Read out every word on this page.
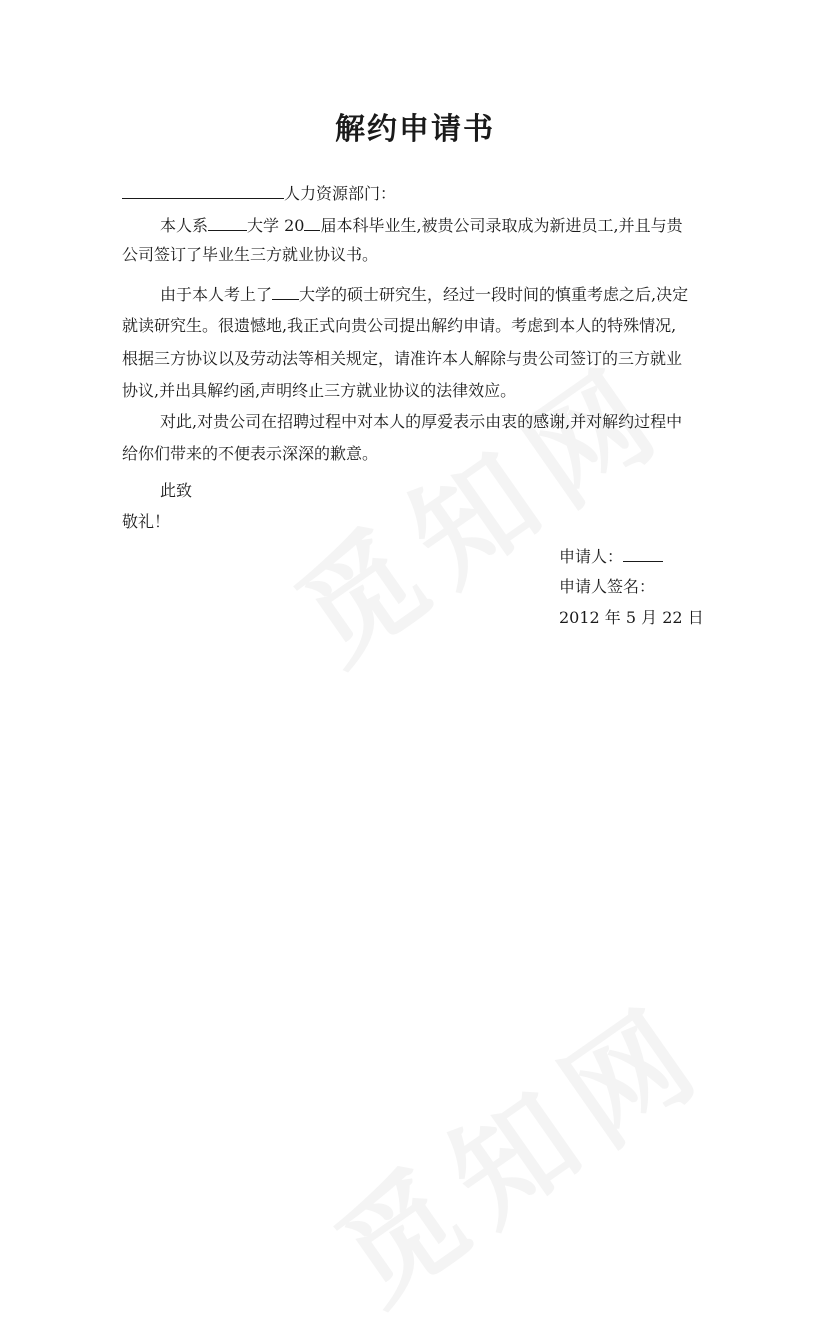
解约申请书
人力资源部门：
本人系 大学 20 届本科毕业生,被贵公司录取成为新进员工,并且与贵
公司签订了毕业生三方就业协议书。
由于本人考上了 大学的硕士研究生，经过一段时间的慎重考虑之后,决定
就读研究生。很遗憾地,我正式向贵公司提出解约申请。考虑到本人的特殊情况,
根据三方协议以及劳动法等相关规定，请准许本人解除与贵公司签订的三方就业
协议,并出具解约函,声明终止三方就业协议的法律效应。
对此,对贵公司在招聘过程中对本人的厚爱表示由衷的感谢,并对解约过程中
给你们带来的不便表示深深的歉意。
此致
敬礼！
申请人：
申请人签名：
2012 年 5 月 22 日
